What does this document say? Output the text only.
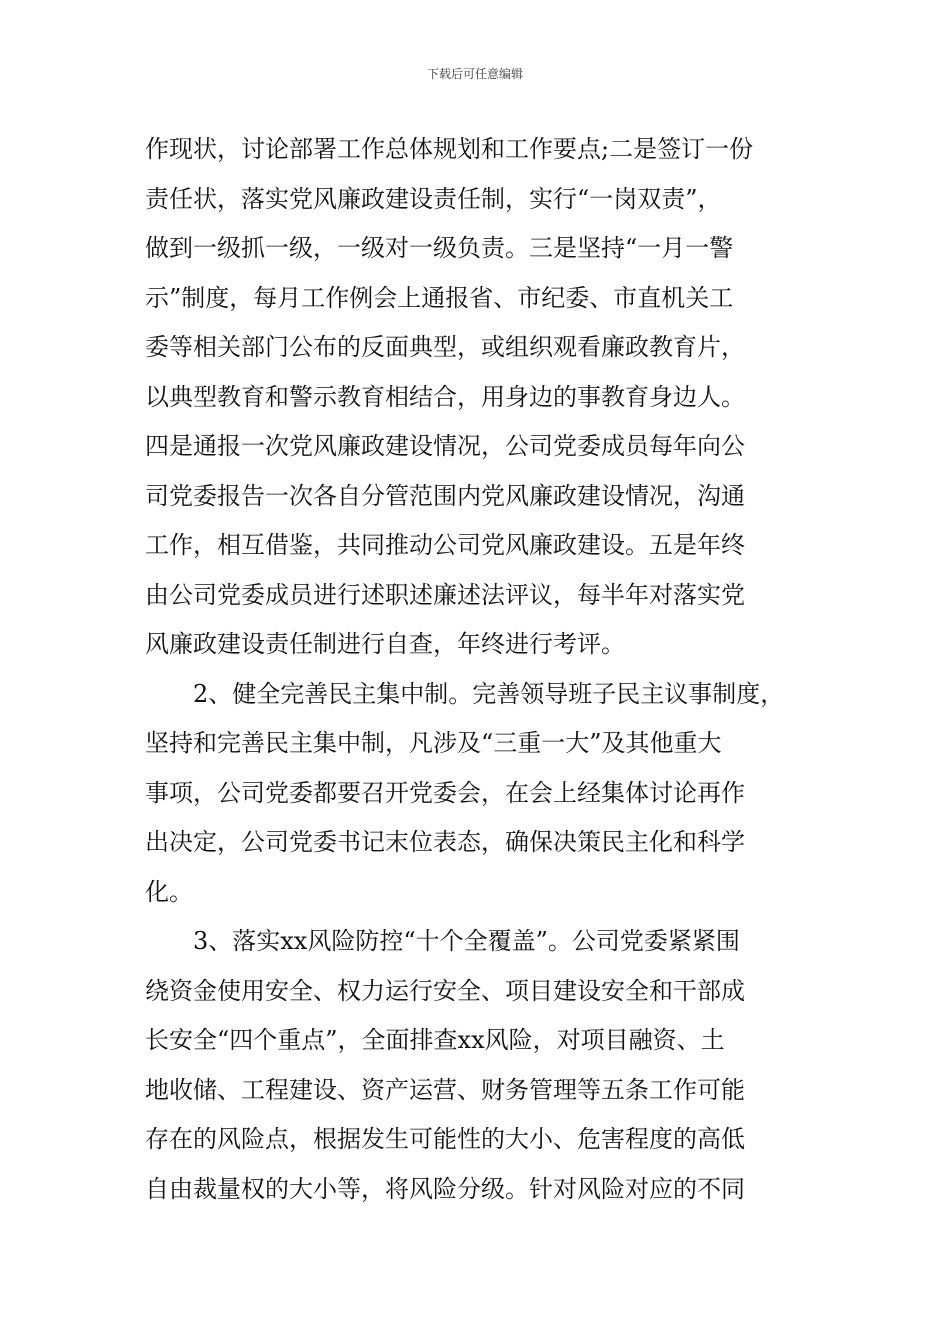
下载后可任意编辑

作现状，讨论部署工作总体规划和工作要点;二是签订一份
责任状，落实党风廉政建设责任制，实行“一岗双责”，
做到一级抓一级，一级对一级负责。三是坚持“一月一警
示”制度，每月工作例会上通报省、市纪委、市直机关工
委等相关部门公布的反面典型，或组织观看廉政教育片，
以典型教育和警示教育相结合，用身边的事教育身边人。
四是通报一次党风廉政建设情况，公司党委成员每年向公
司党委报告一次各自分管范围内党风廉政建设情况，沟通
工作，相互借鉴，共同推动公司党风廉政建设。五是年终
由公司党委成员进行述职述廉述法评议，每半年对落实党
风廉政建设责任制进行自查，年终进行考评。

2、健全完善民主集中制。完善领导班子民主议事制度，
坚持和完善民主集中制，凡涉及“三重一大”及其他重大
事项，公司党委都要召开党委会，在会上经集体讨论再作
出决定，公司党委书记末位表态，确保决策民主化和科学
化。

3、落实xx风险防控“十个全覆盖”。公司党委紧紧围
绕资金使用安全、权力运行安全、项目建设安全和干部成
长安全“四个重点”，全面排查xx风险，对项目融资、土
地收储、工程建设、资产运营、财务管理等五条工作可能
存在的风险点，根据发生可能性的大小、危害程度的高低
自由裁量权的大小等，将风险分级。针对风险对应的不同
